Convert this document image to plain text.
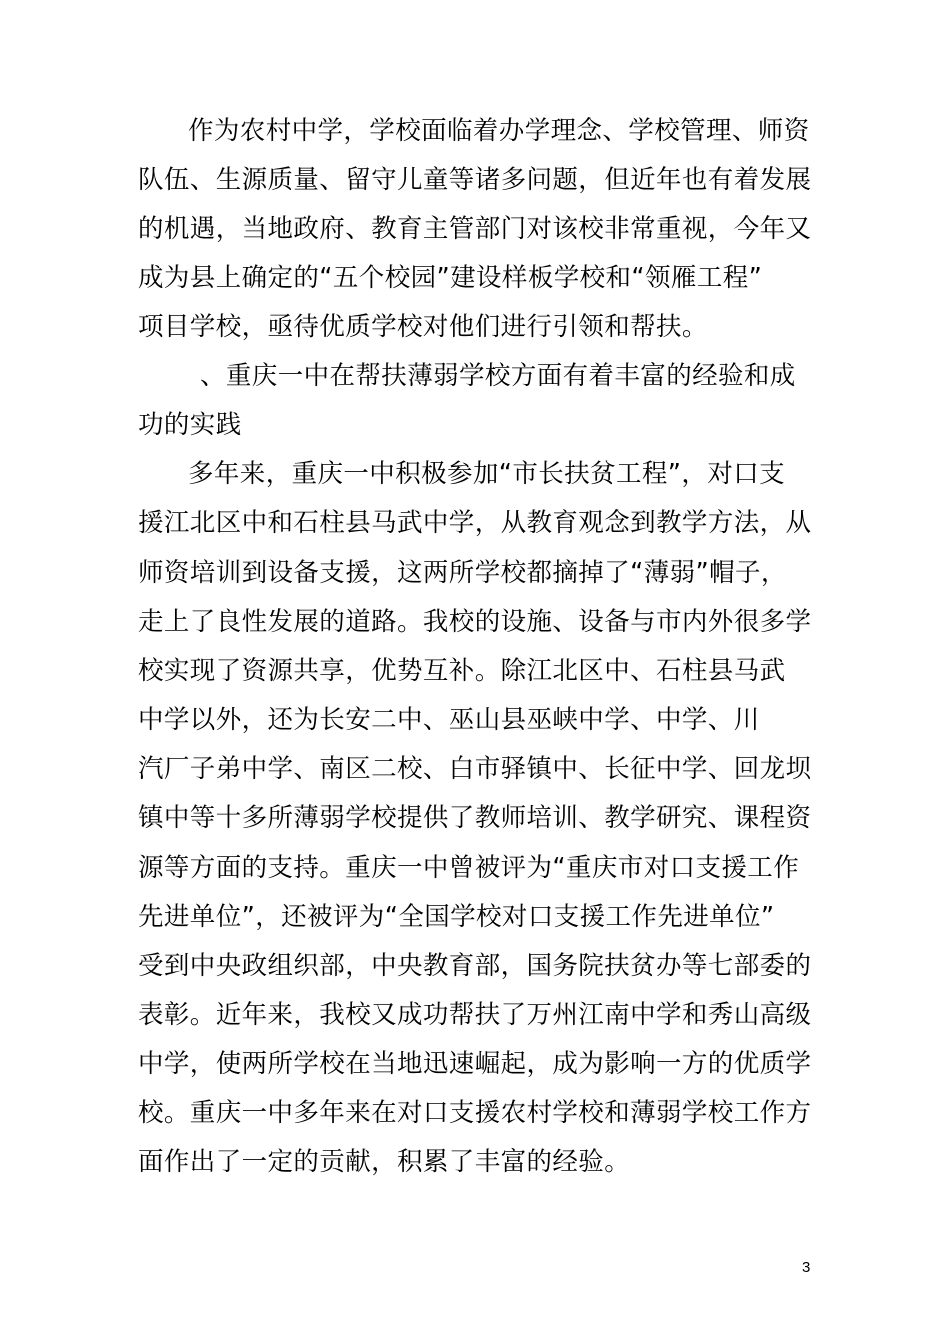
作为农村中学，学校面临着办学理念、学校管理、师资
队伍、生源质量、留守儿童等诸多问题，但近年也有着发展
的机遇，当地政府、教育主管部门对该校非常重视，今年又
成为县上确定的“五个校园”建设样板学校和“领雁工程”
项目学校，亟待优质学校对他们进行引领和帮扶。
、重庆一中在帮扶薄弱学校方面有着丰富的经验和成
功的实践
多年来，重庆一中积极参加“市长扶贫工程”，对口支
援江北区中和石柱县马武中学，从教育观念到教学方法，从
师资培训到设备支援，这两所学校都摘掉了“薄弱”帽子，
走上了良性发展的道路。我校的设施、设备与市内外很多学
校实现了资源共享，优势互补。除江北区中、石柱县马武
中学以外，还为长安二中、巫山县巫峡中学、中学、川
汽厂子弟中学、南区二校、白市驿镇中、长征中学、回龙坝
镇中等十多所薄弱学校提供了教师培训、教学研究、课程资
源等方面的支持。重庆一中曾被评为“重庆市对口支援工作
先进单位”，还被评为“全国学校对口支援工作先进单位”
受到中央政组织部，中央教育部，国务院扶贫办等七部委的
表彰。近年来，我校又成功帮扶了万州江南中学和秀山高级
中学，使两所学校在当地迅速崛起，成为影响一方的优质学
校。重庆一中多年来在对口支援农村学校和薄弱学校工作方
面作出了一定的贡献，积累了丰富的经验。
3
